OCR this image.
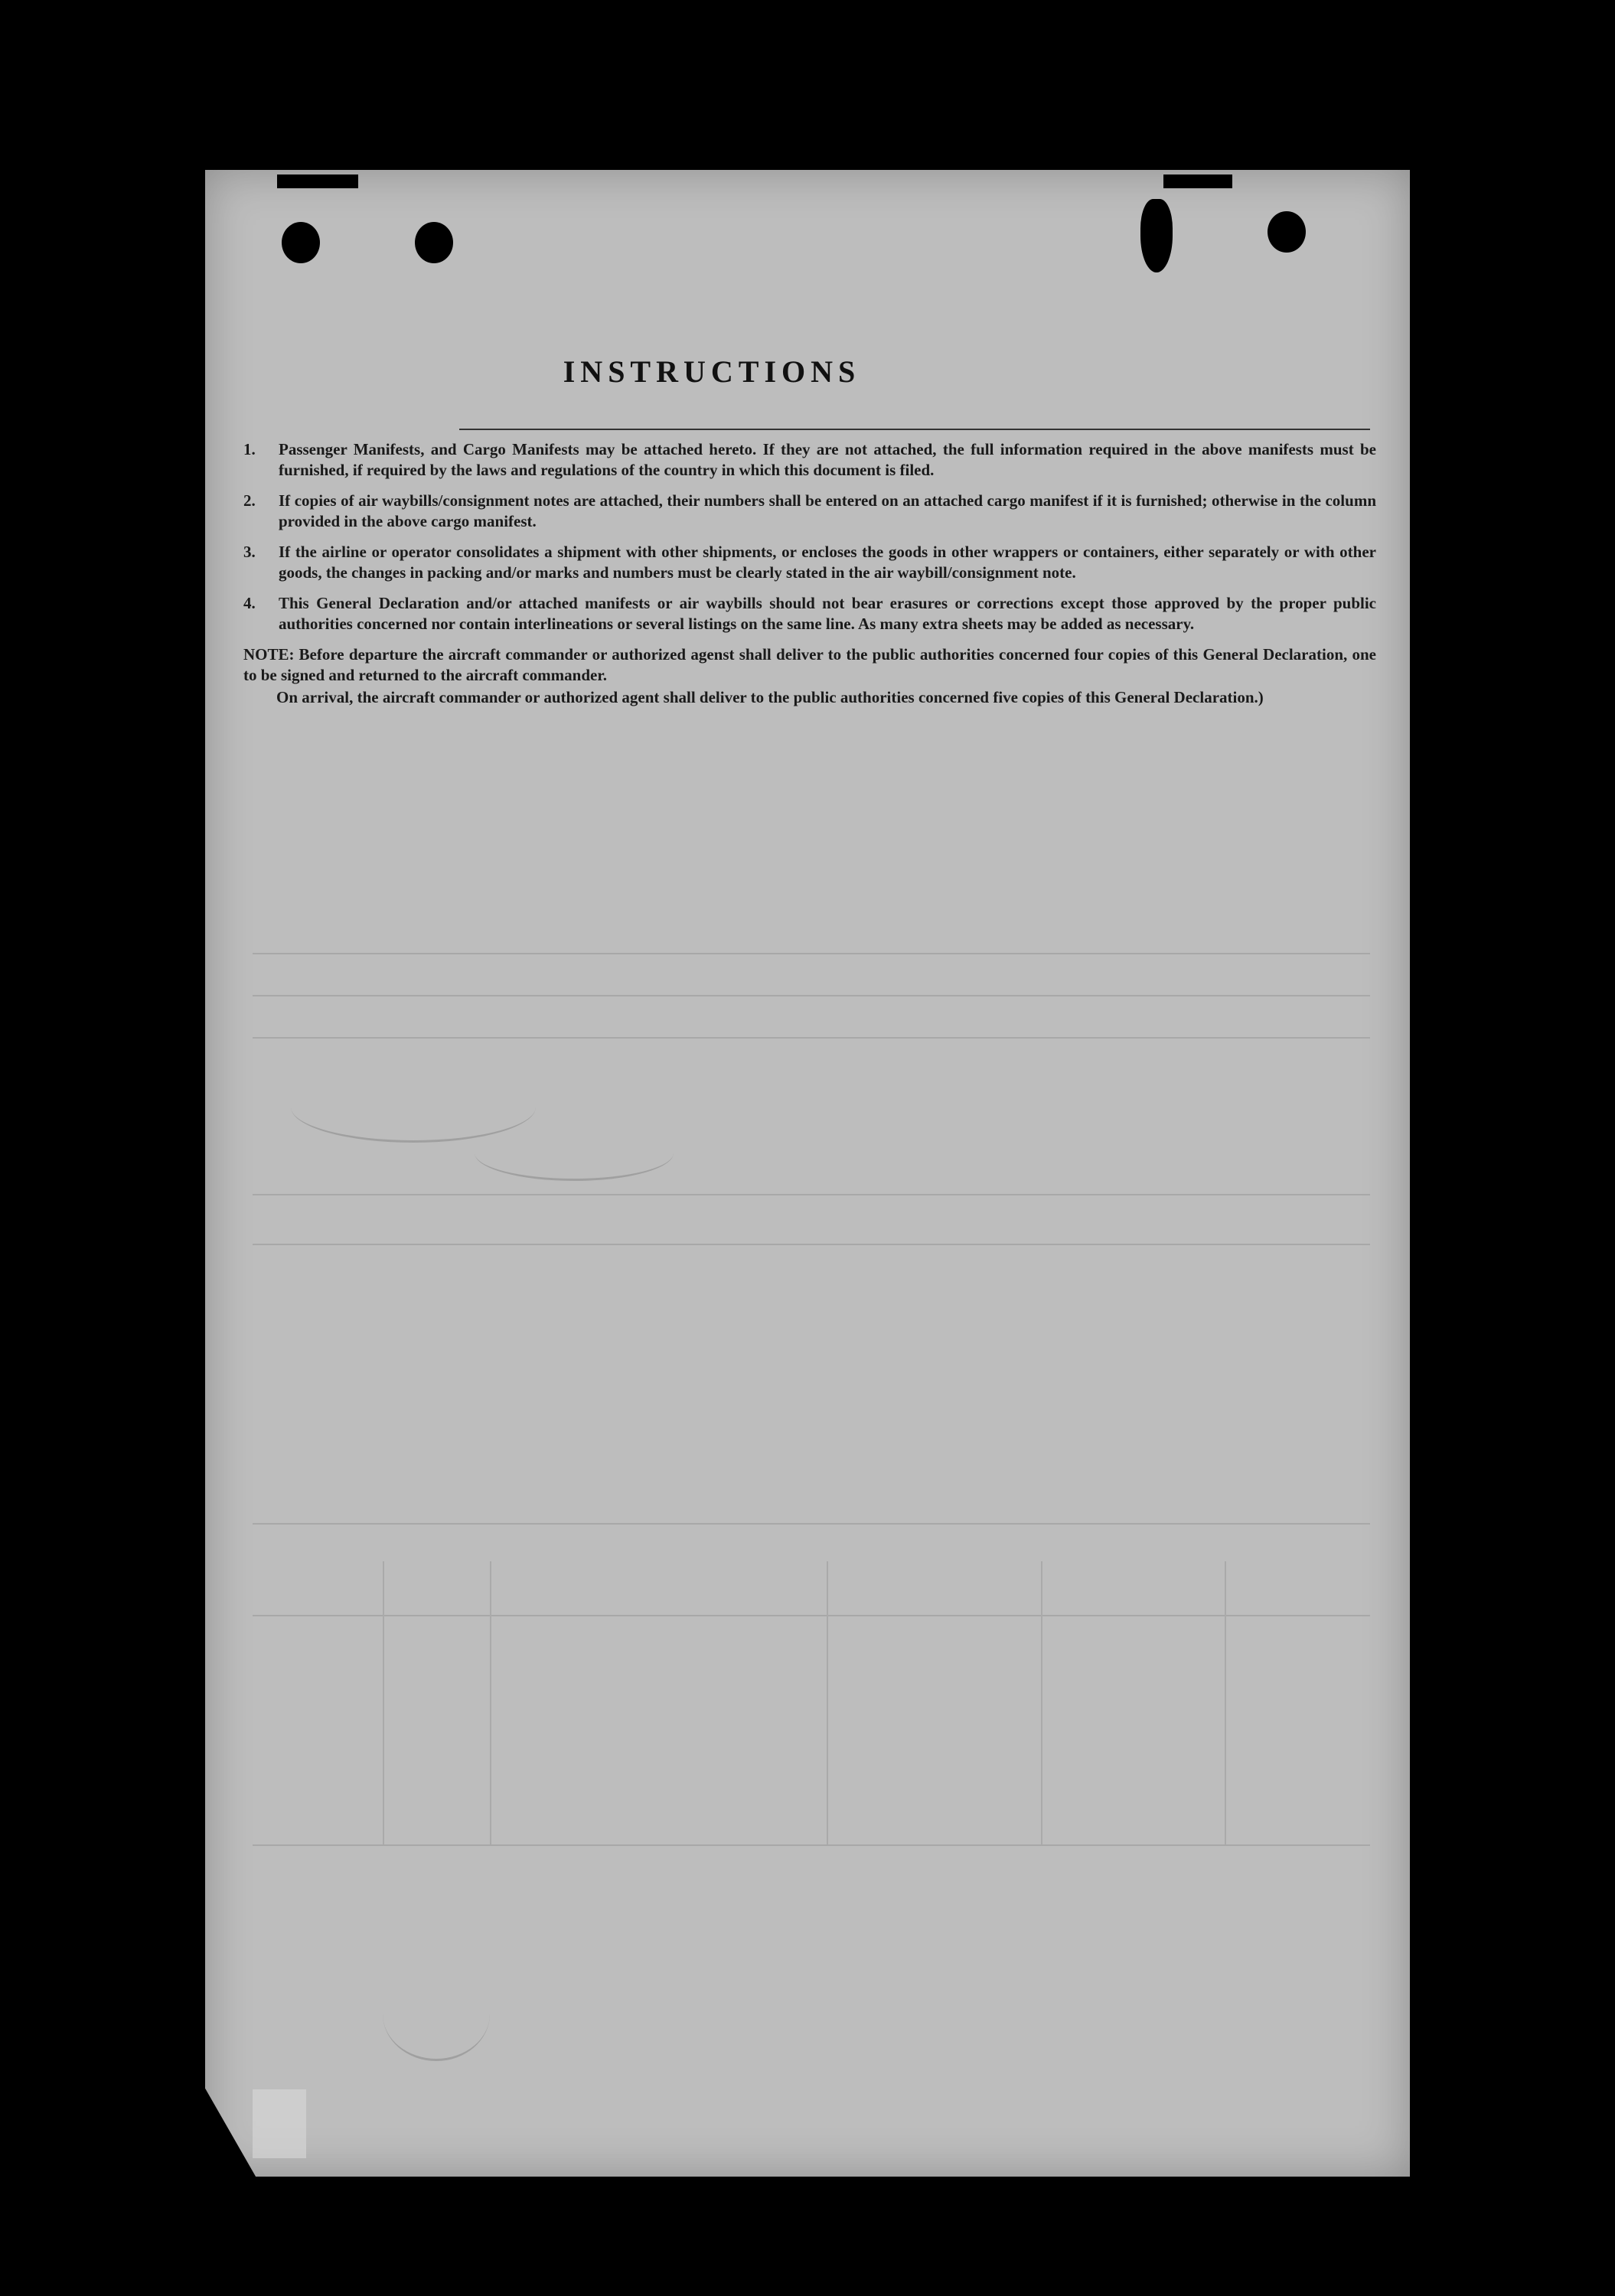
INSTRUCTIONS
1.	Passenger Manifests, and Cargo Manifests may be attached hereto. If they are not attached, the full information required in the above manifests must be furnished, if required by the laws and regulations of the country in which this document is filed.
2.	If copies of air waybills/consignment notes are attached, their numbers shall be entered on an attached cargo manifest if it is furnished; otherwise in the column provided in the above cargo manifest.
3.	If the airline or operator consolidates a shipment with other shipments, or encloses the goods in other wrappers or containers, either separately or with other goods, the changes in packing and/or marks and numbers must be clearly stated in the air waybill/consignment note.
4.	This General Declaration and/or attached manifests or air waybills should not bear erasures or corrections except those approved by the proper public authorities concerned nor contain interlineations or several listings on the same line. As many extra sheets may be added as necessary.
NOTE: Before departure the aircraft commander or authorized agenst shall deliver to the public authorities concerned four copies of this General Declaration, one to be signed and returned to the aircraft commander.
On arrival, the aircraft commander or authorized agent shall deliver to the public authorities concerned five copies of this General Declaration.)
